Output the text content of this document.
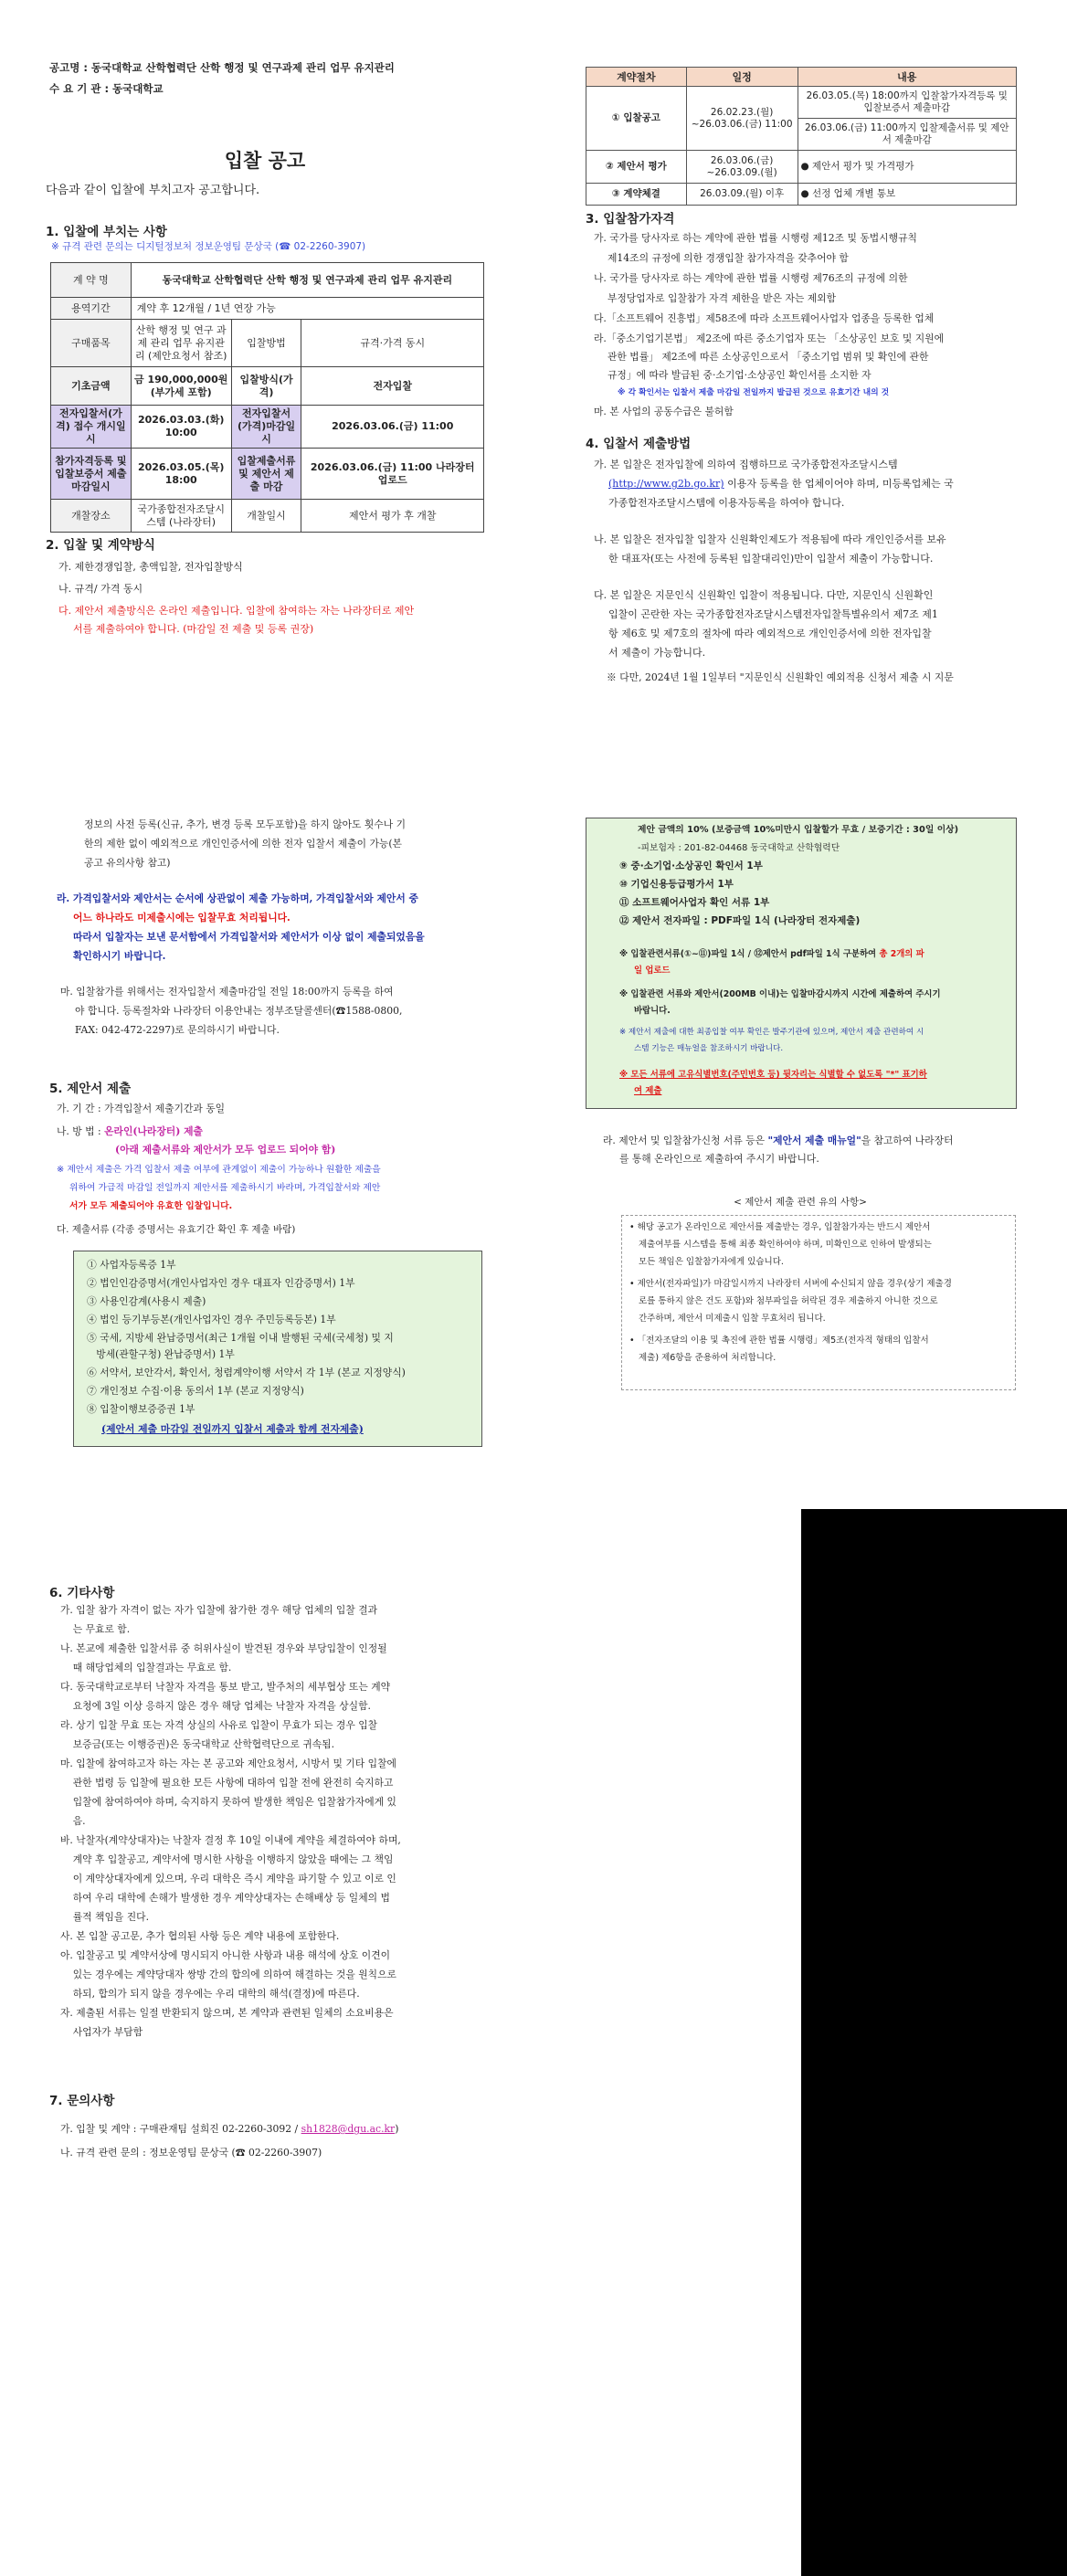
공고명 : 동국대학교 산학협력단 산학 행정 및 연구과제 관리 업무 유지관리
수 요 기 관 : 동국대학교
입찰 공고
다음과 같이 입찰에 부치고자 공고합니다.
1. 입찰에 부치는 사항
※ 규격 관련 문의는 디지털정보처 정보운영팀 문상국 (☎ 02-2260-3907)
계 약 명	동국대학교 산학협력단 산학 행정 및 연구과제 관리 업무 유지관리		
용역기간	계약 후 12개월 / 1년 연장 가능		
구매품목	산학 행정 및 연구 과제 관리 업무 유지관리 (제안요청서 참조)	입찰방법	규격·가격 동시
기초금액	금 190,000,000원 (부가세 포함)	입찰방식(가격)	전자입찰
전자입찰서(가격) 접수 개시일시	2026.03.03.(화) 10:00	전자입찰서 (가격)마감일시	2026.03.06.(금) 11:00
참가자격등록 및 입찰보증서 제출 마감일시	2026.03.05.(목) 18:00	입찰제출서류 및 제안서 제출 마감	2026.03.06.(금) 11:00 나라장터 업로드
개찰장소	국가종합전자조달시스템 (나라장터)	개찰일시	제안서 평가 후 개찰
2. 입찰 및 계약방식
가. 제한경쟁입찰, 총액입찰, 전자입찰방식
나. 규격/ 가격 동시
다. 제안서 제출방식은 온라인 제출입니다. 입찰에 참여하는 자는 나라장터로 제안
서를 제출하여야 합니다. (마감일 전 제출 및 등록 권장)
계약절차	일정	내용
① 입찰공고	26.02.23.(월) ~26.03.06.(금) 11:00	26.03.05.(목) 18:00까지 입찰참가자격등록 및 입찰보증서 제출마감
		26.03.06.(금) 11:00까지 입찰제출서류 및 제안서 제출마감
② 제안서 평가	26.03.06.(금) ~26.03.09.(월)	● 제안서 평가 및 가격평가
③ 계약체결	26.03.09.(월) 이후	● 선정 업체 개별 통보
3. 입찰참가자격
가. 국가를 당사자로 하는 계약에 관한 법률 시행령 제12조 및 동법시행규칙
제14조의 규정에 의한 경쟁입찰 참가자격을 갖추어야 함
나. 국가를 당사자로 하는 계약에 관한 법률 시행령 제76조의 규정에 의한
부정당업자로 입찰참가 자격 제한을 받은 자는 제외함
다.「소프트웨어 진흥법」제58조에 따라 소프트웨어사업자 업종을 등록한 업체
라.「중소기업기본법」 제2조에 따른 중소기업자 또는 「소상공인 보호 및 지원에
관한 법률」 제2조에 따른 소상공인으로서 「중소기업 범위 및 확인에 관한
규정」에 따라 발급된 중·소기업·소상공인 확인서를 소지한 자
※ 각 확인서는 입찰서 제출 마감일 전일까지 발급된 것으로 유효기간 내의 것
마. 본 사업의 공동수급은 불허함
4. 입찰서 제출방법
가. 본 입찰은 전자입찰에 의하여 집행하므로 국가종합전자조달시스템
(http://www.g2b.go.kr) 이용자 등록을 한 업체이어야 하며, 미등록업체는 국
가종합전자조달시스템에 이용자등록을 하여야 합니다.
나. 본 입찰은 전자입찰 입찰자 신원확인제도가 적용됨에 따라 개인인증서를 보유
한 대표자(또는 사전에 등록된 입찰대리인)만이 입찰서 제출이 가능합니다.
다. 본 입찰은 지문인식 신원확인 입찰이 적용됩니다. 다만, 지문인식 신원확인
입찰이 곤란한 자는 국가종합전자조달시스템전자입찰특별유의서 제7조 제1
항 제6호 및 제7호의 절차에 따라 예외적으로 개인인증서에 의한 전자입찰
서 제출이 가능합니다.
※ 다만, 2024년 1월 1일부터 "지문인식 신원확인 예외적용 신청서 제출 시 지문
정보의 사전 등록(신규, 추가, 변경 등록 모두포함)을 하지 않아도 횟수나 기
한의 제한 없이 예외적으로 개인인증서에 의한 전자 입찰서 제출이 가능(본
공고 유의사항 참고)
라. 가격입찰서와 제안서는 순서에 상관없이 제출 가능하며, 가격입찰서와 제안서 중
어느 하나라도 미제출시에는 입찰무효 처리됩니다.
따라서 입찰자는 보낸 문서함에서 가격입찰서와 제안서가 이상 없이 제출되었음을
확인하시기 바랍니다.
마. 입찰참가를 위해서는 전자입찰서 제출마감일 전일 18:00까지 등록을 하여
야 합니다. 등록절차와 나라장터 이용안내는 정부조달콜센터(☎1588-0800,
FAX: 042-472-2297)로 문의하시기 바랍니다.
5. 제안서 제출
가. 기 간 : 가격입찰서 제출기간과 동일
나. 방 법 : 온라인(나라장터) 제출
(아래 제출서류와 제안서가 모두 업로드 되어야 함)
※ 제안서 제출은 가격 입찰서 제출 여부에 관계없이 제출이 가능하나 원활한 제출을
위하여 가급적 마감일 전일까지 제안서를 제출하시기 바라며, 가격입찰서와 제안
서가 모두 제출되어야 유효한 입찰입니다.
다. 제출서류 (각종 증명서는 유효기간 확인 후 제출 바람)
① 사업자등록증 1부
② 법인인감증명서(개인사업자인 경우 대표자 인감증명서) 1부
③ 사용인감계(사용시 제출)
④ 법인 등기부등본(개인사업자인 경우 주민등록등본) 1부
⑤ 국세, 지방세 완납증명서(최근 1개월 이내 발행된 국세(국세청) 및 지
방세(관할구청) 완납증명서) 1부
⑥ 서약서, 보안각서, 확인서, 청렴계약이행 서약서 각 1부 (본교 지정양식)
⑦ 개인정보 수집·이용 동의서 1부 (본교 지정양식)
⑧ 입찰이행보증증권 1부
(제안서 제출 마감일 전일까지 입찰서 제출과 함께 전자제출)
제안 금액의 10% (보증금액 10%미만시 입찰할가 무효 / 보증기간 : 30일 이상)
-피보험자 : 201-82-04468 동국대학교 산학협력단
⑨ 중·소기업·소상공인 확인서 1부
⑩ 기업신용등급평가서 1부
⑪ 소프트웨어사업자 확인 서류 1부
⑫ 제안서 전자파일 : PDF파일 1식 (나라장터 전자제출)
※ 입찰관련서류(①~⑪)파일 1식 / ⑫제안서 pdf파일 1식 구분하여 총 2개의 파
일 업로드
※ 입찰관련 서류와 제안서(200MB 이내)는 입찰마감시까지 시간에 제출하여 주시기
바랍니다.
※ 제안서 제출에 대한 최종입찰 여부 확인은 발주기관에 있으며, 제안서 제출 관련하여 시
스템 기능은 매뉴얼을 참조하시기 바랍니다.
※ 모든 서류에 고유식별번호(주민번호 등) 뒷자리는 식별할 수 없도록 "*" 표기하
여 제출
라. 제안서 및 입찰참가신청 서류 등은 "제안서 제출 매뉴얼"을 참고하여 나라장터
를 통해 온라인으로 제출하여 주시기 바랍니다.
< 제안서 제출 관련 유의 사항>
• 해당 공고가 온라인으로 제안서를 제출받는 경우, 입찰참가자는 반드시 제안서
제출여부를 시스템을 통해 최종 확인하여야 하며, 미확인으로 인하여 발생되는
모든 책임은 입찰참가자에게 있습니다.
• 제안서(전자파일)가 마감일시까지 나라장터 서버에 수신되지 않을 경우(상기 제출경
로를 통하지 않은 건도 포함)와 첨부파일을 허락된 경우 제출하지 아니한 것으로
간주하며, 제안서 미제출시 입찰 무효처리 됩니다.
• 「전자조달의 이용 및 촉진에 관한 법률 시행령」제5조(전자적 형태의 입찰서
제출) 제6항을 준용하여 처리합니다.
6. 기타사항
가. 입찰 참가 자격이 없는 자가 입찰에 참가한 경우 해당 업체의 입찰 결과
는 무효로 함.
나. 본교에 제출한 입찰서류 중 허위사실이 발견된 경우와 부당입찰이 인정될
때 해당업체의 입찰결과는 무효로 함.
다. 동국대학교로부터 낙찰자 자격을 통보 받고, 발주처의 세부협상 또는 계약
요청에 3일 이상 응하지 않은 경우 해당 업체는 낙찰자 자격을 상실함.
라. 상기 입찰 무효 또는 자격 상실의 사유로 입찰이 무효가 되는 경우 입찰
보증금(또는 이행증권)은 동국대학교 산학협력단으로 귀속됨.
마. 입찰에 참여하고자 하는 자는 본 공고와 제안요청서, 시방서 및 기타 입찰에
관한 법령 등 입찰에 필요한 모든 사항에 대하여 입찰 전에 완전히 숙지하고
입찰에 참여하여야 하며, 숙지하지 못하여 발생한 책임은 입찰참가자에게 있
음.
바. 낙찰자(계약상대자)는 낙찰자 결정 후 10일 이내에 계약을 체결하여야 하며,
계약 후 입찰공고, 계약서에 명시한 사항을 이행하지 않았을 때에는 그 책임
이 계약상대자에게 있으며, 우리 대학은 즉시 계약을 파기할 수 있고 이로 인
하여 우리 대학에 손해가 발생한 경우 계약상대자는 손해배상 등 일체의 법
률적 책임을 진다.
사. 본 입찰 공고문, 추가 협의된 사항 등은 계약 내용에 포함한다.
아. 입찰공고 및 계약서상에 명시되지 아니한 사항과 내용 해석에 상호 이견이
있는 경우에는 계약당대자 쌍방 간의 합의에 의하여 해결하는 것을 원칙으로
하되, 합의가 되지 않을 경우에는 우리 대학의 해석(결정)에 따른다.
자. 제출된 서류는 일절 반환되지 않으며, 본 계약과 관련된 일체의 소요비용은
사업자가 부담함
7. 문의사항
가. 입찰 및 계약 : 구매관재팀 설희진 02-2260-3092 / sh1828@dgu.ac.kr)
나. 규격 관련 문의 : 정보운영팀 문상국 (☎ 02-2260-3907)
